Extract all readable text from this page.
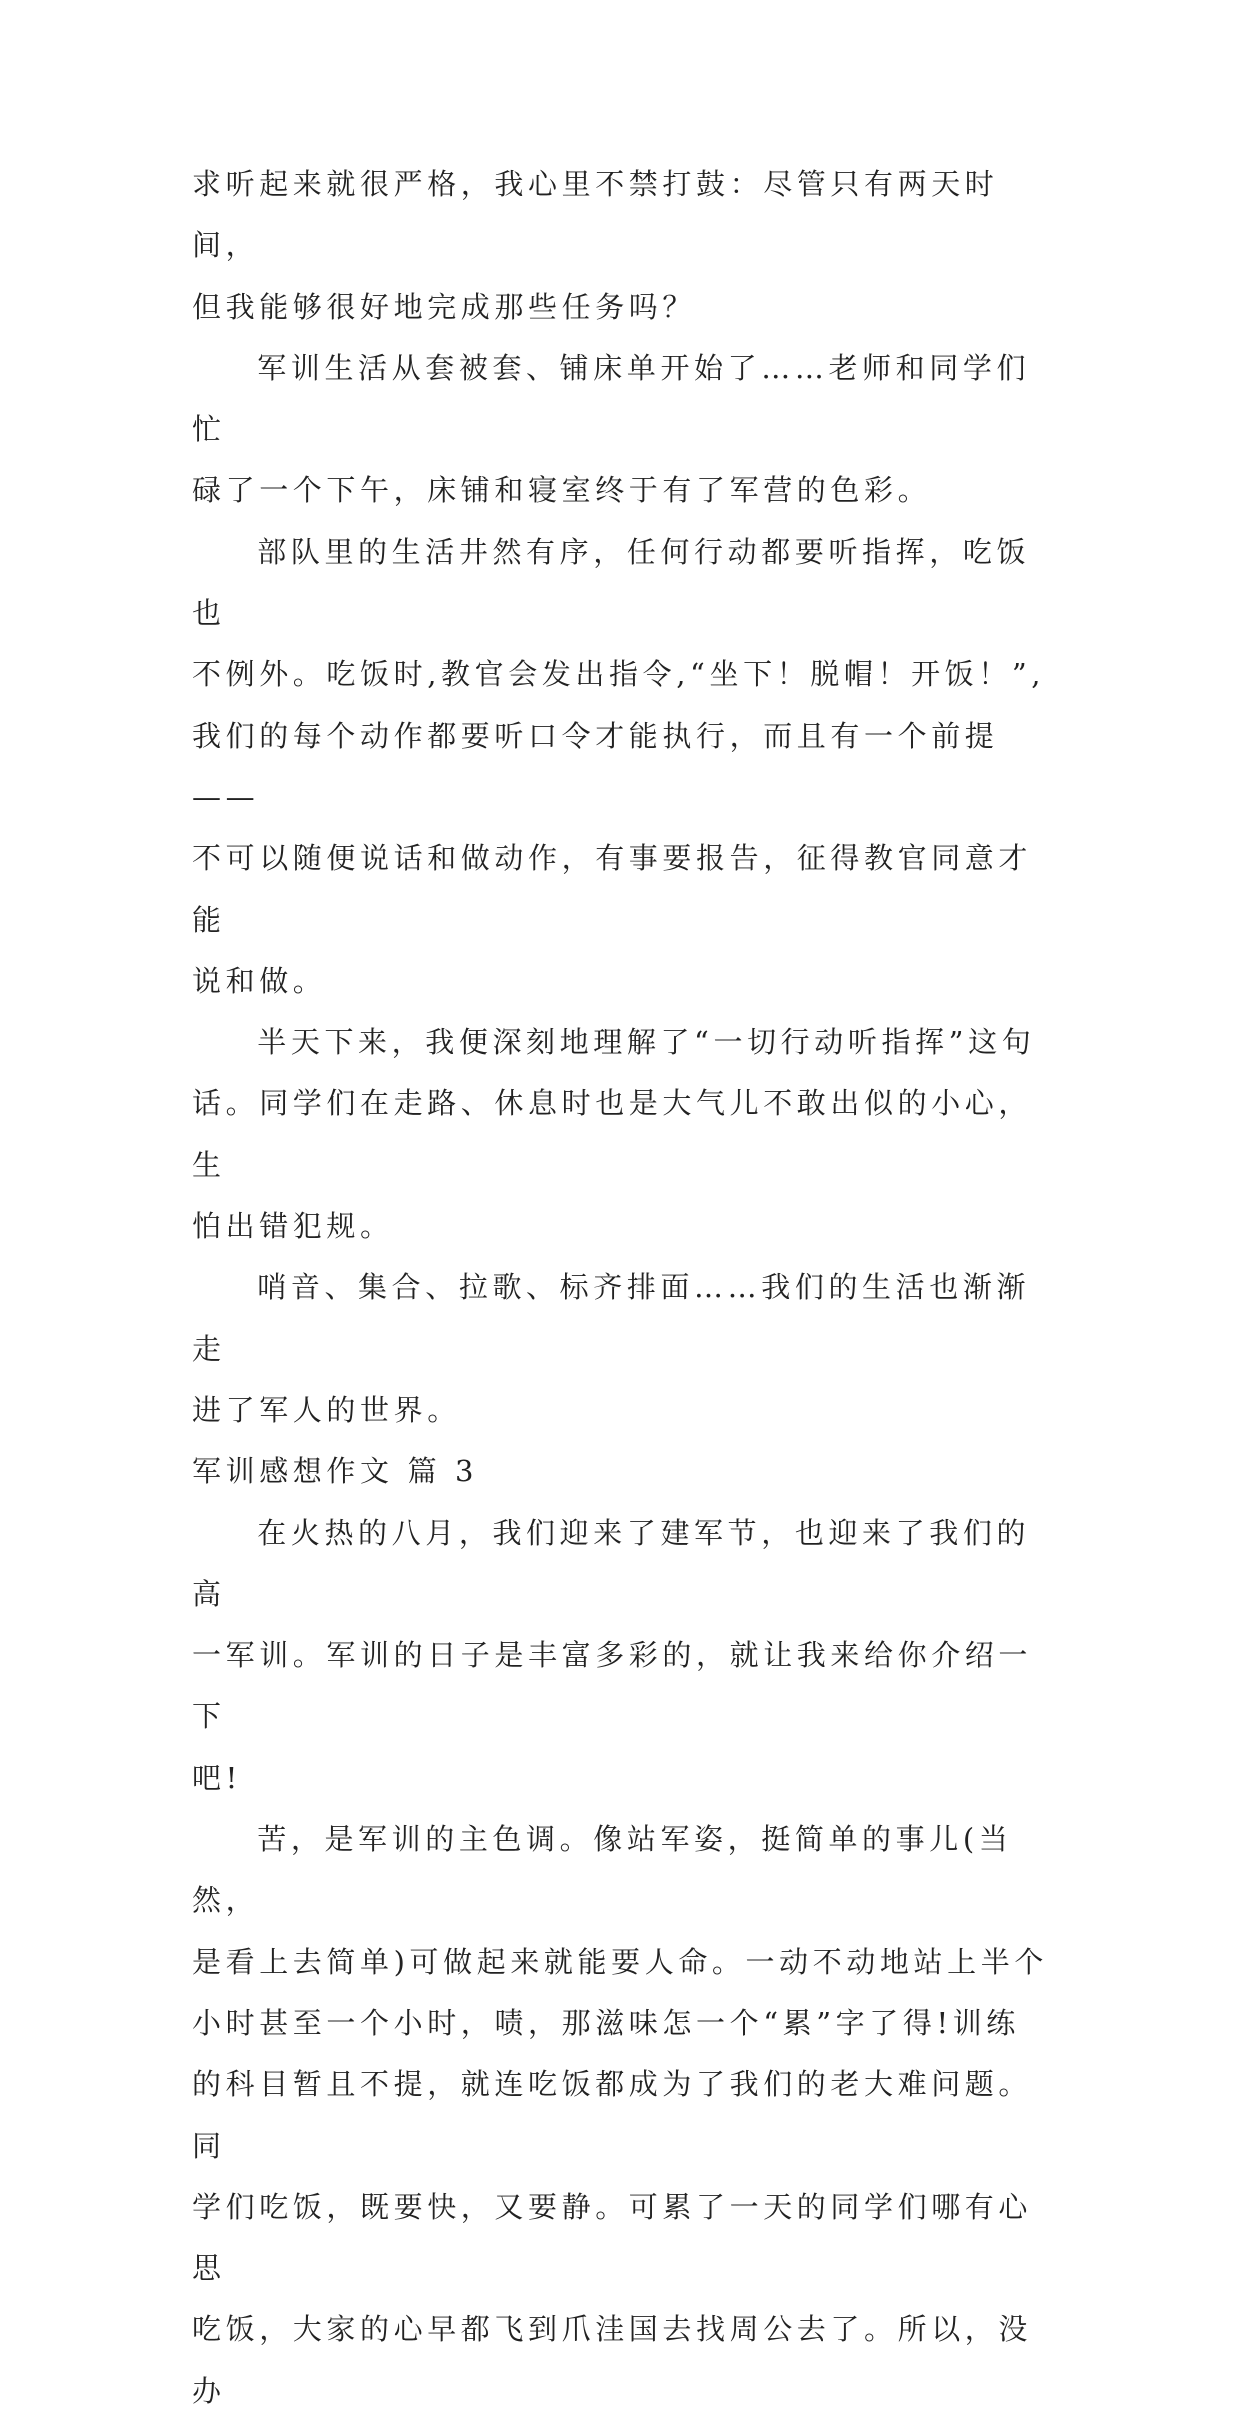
求听起来就很严格，我心里不禁打鼓：尽管只有两天时间，
但我能够很好地完成那些任务吗？

军训生活从套被套、铺床单开始了……老师和同学们忙
碌了一个下午，床铺和寝室终于有了军营的色彩。

部队里的生活井然有序，任何行动都要听指挥，吃饭也
不例外。吃饭时,教官会发出指令,“坐下！脱帽！开饭！”,
我们的每个动作都要听口令才能执行，而且有一个前提——
不可以随便说话和做动作，有事要报告，征得教官同意才能
说和做。

半天下来，我便深刻地理解了“一切行动听指挥”这句
话。同学们在走路、休息时也是大气儿不敢出似的小心，生
怕出错犯规。

哨音、集合、拉歌、标齐排面……我们的生活也渐渐走
进了军人的世界。

军训感想作文 篇 3

在火热的八月，我们迎来了建军节，也迎来了我们的高
一军训。军训的日子是丰富多彩的，就让我来给你介绍一下
吧!

苦，是军训的主色调。像站军姿，挺简单的事儿(当然，
是看上去简单)可做起来就能要人命。一动不动地站上半个
小时甚至一个小时，啧，那滋味怎一个“累”字了得!训练
的科目暂且不提，就连吃饭都成为了我们的老大难问题。同
学们吃饭，既要快，又要静。可累了一天的同学们哪有心思
吃饭，大家的心早都飞到爪洼国去找周公去了。所以，没办
